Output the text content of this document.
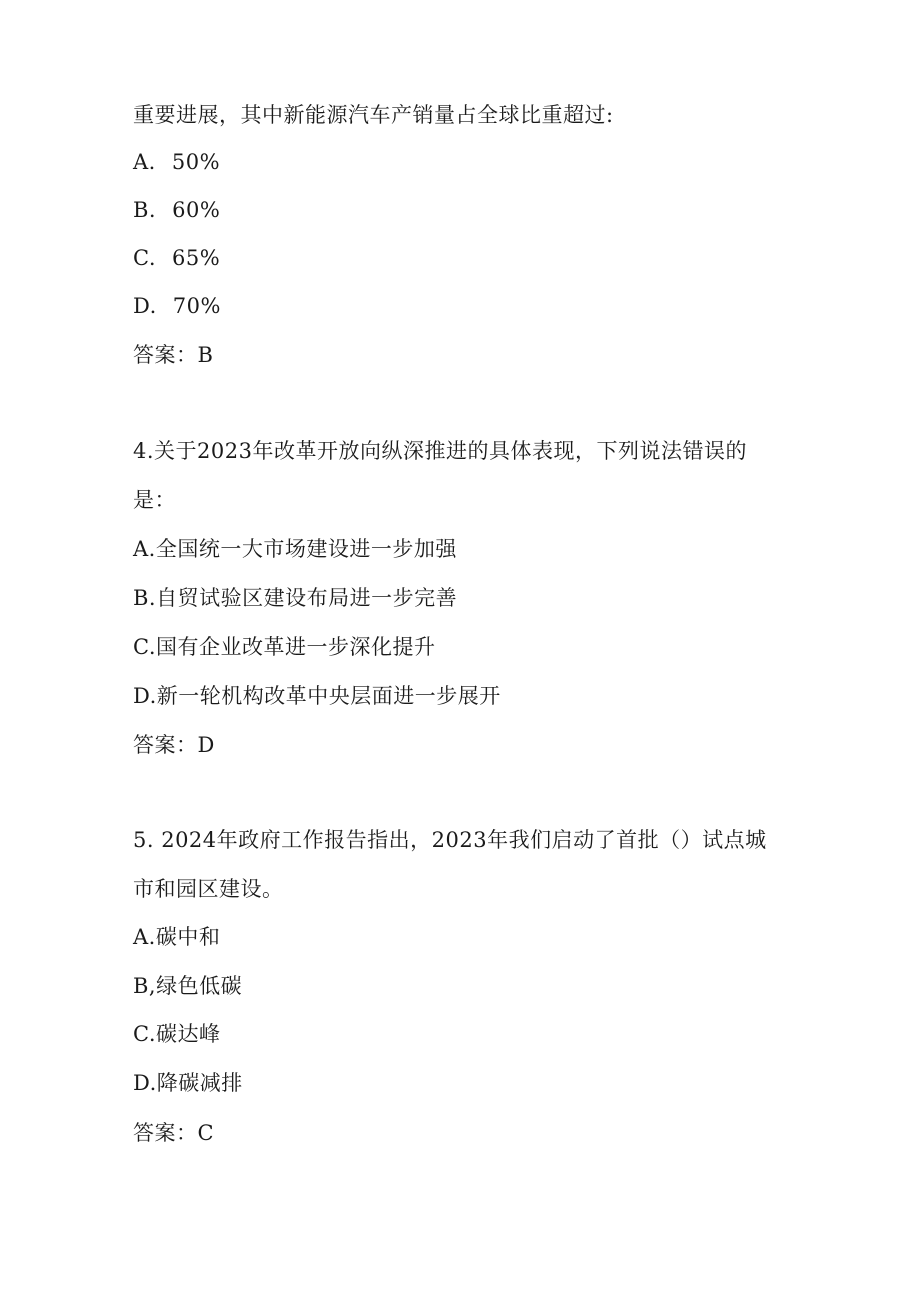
重要进展，其中新能源汽车产销量占全球比重超过:
A. 50%
B. 60%
C. 65%
D. 70%
答案：B
4.关于2023年改革开放向纵深推进的具体表现，下列说法错误的
是：
A.全国统一大市场建设进一步加强
B.自贸试验区建设布局进一步完善
C.国有企业改革进一步深化提升
D.新一轮机构改革中央层面进一步展开
答案：D
5. 2024年政府工作报告指出，2023年我们启动了首批（）试点城
市和园区建设。
A.碳中和
B,绿色低碳
C.碳达峰
D.降碳减排
答案：C
